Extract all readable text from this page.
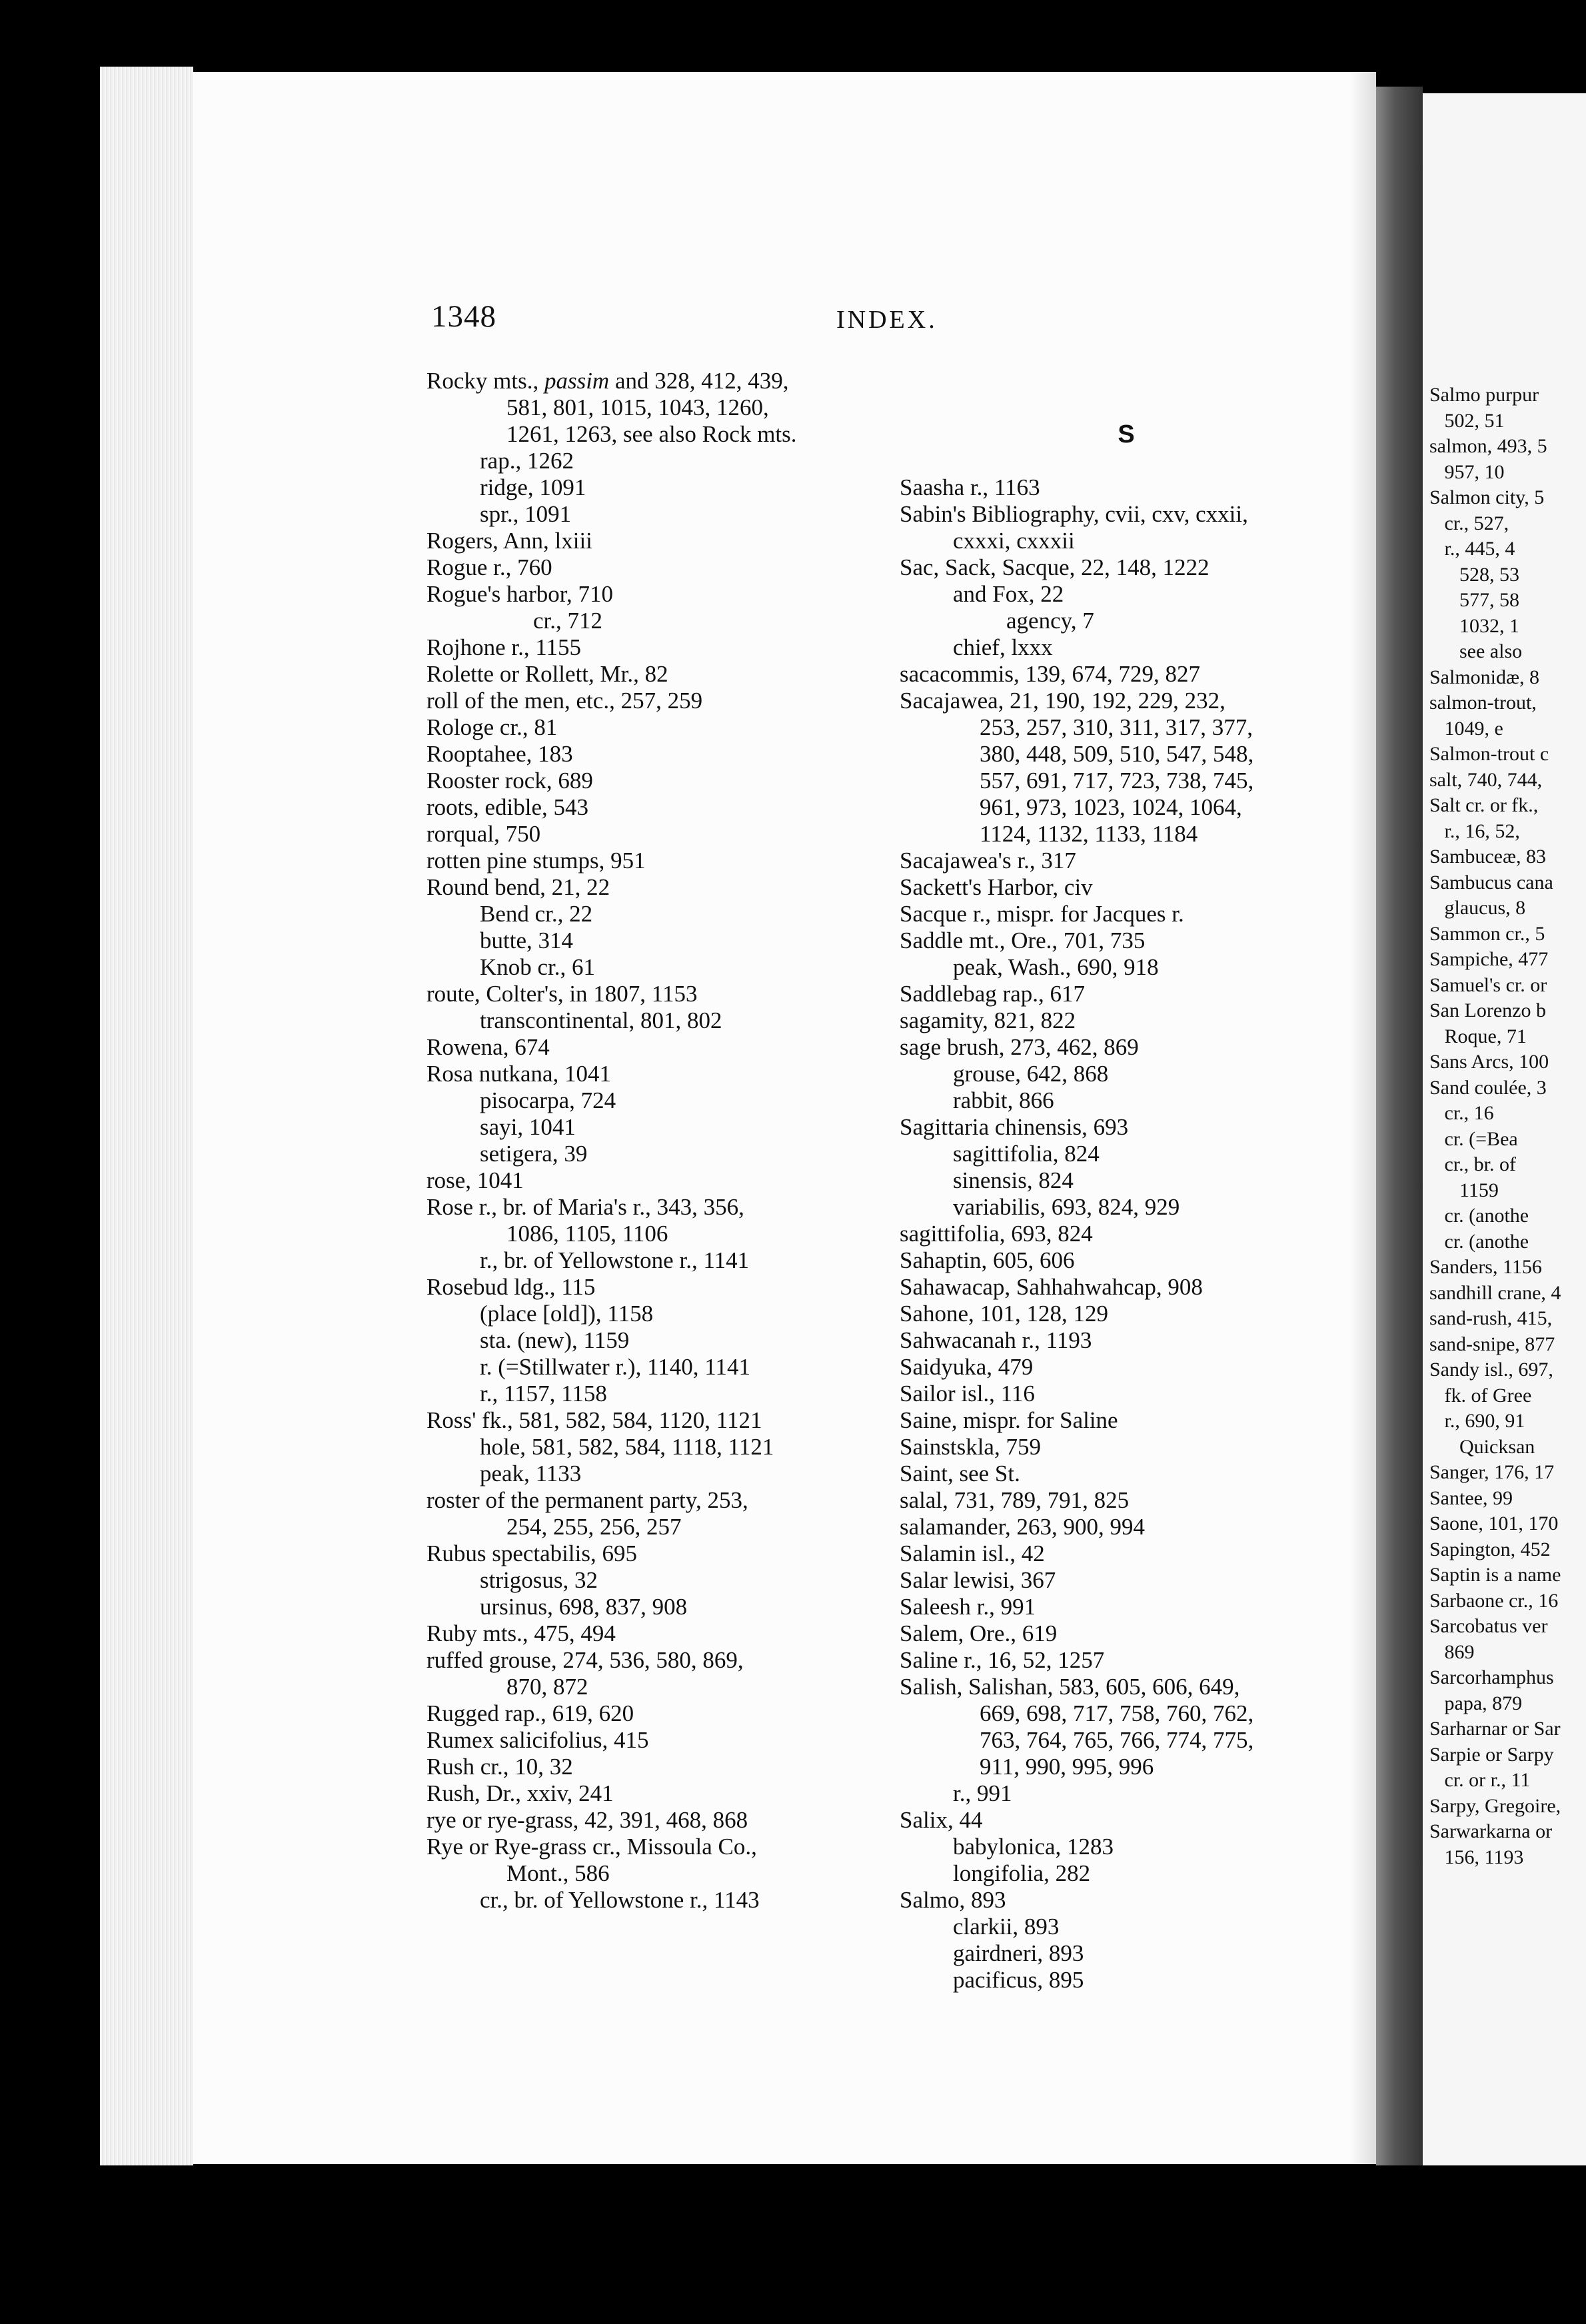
1348	INDEX.
Rocky mts., passim and 328, 412, 439,
581, 801, 1015, 1043, 1260,
1261, 1263, see also Rock mts.
rap., 1262
ridge, 1091
spr., 1091
Rogers, Ann, lxiii
Rogue r., 760
Rogue's harbor, 710
cr., 712
Rojhone r., 1155
Rolette or Rollett, Mr., 82
roll of the men, etc., 257, 259
Rologe cr., 81
Rooptahee, 183
Rooster rock, 689
roots, edible, 543
rorqual, 750
rotten pine stumps, 951
Round bend, 21, 22
Bend cr., 22
butte, 314
Knob cr., 61
route, Colter's, in 1807, 1153
transcontinental, 801, 802
Rowena, 674
Rosa nutkana, 1041
pisocarpa, 724
sayi, 1041
setigera, 39
rose, 1041
Rose r., br. of Maria's r., 343, 356,
1086, 1105, 1106
r., br. of Yellowstone r., 1141
Rosebud ldg., 115
(place [old]), 1158
sta. (new), 1159
r. (=Stillwater r.), 1140, 1141
r., 1157, 1158
Ross' fk., 581, 582, 584, 1120, 1121
hole, 581, 582, 584, 1118, 1121
peak, 1133
roster of the permanent party, 253,
254, 255, 256, 257
Rubus spectabilis, 695
strigosus, 32
ursinus, 698, 837, 908
Ruby mts., 475, 494
ruffed grouse, 274, 536, 580, 869,
870, 872
Rugged rap., 619, 620
Rumex salicifolius, 415
Rush cr., 10, 32
Rush, Dr., xxiv, 241
rye or rye-grass, 42, 391, 468, 868
Rye or Rye-grass cr., Missoula Co.,
Mont., 586
cr., br. of Yellowstone r., 1143

S

Saasha r., 1163
Sabin's Bibliography, cvii, cxv, cxxii,
cxxxi, cxxxii
Sac, Sack, Sacque, 22, 148, 1222
and Fox, 22
agency, 7
chief, lxxx
sacacommis, 139, 674, 729, 827
Sacajawea, 21, 190, 192, 229, 232,
253, 257, 310, 311, 317, 377,
380, 448, 509, 510, 547, 548,
557, 691, 717, 723, 738, 745,
961, 973, 1023, 1024, 1064,
1124, 1132, 1133, 1184
Sacajawea's r., 317
Sackett's Harbor, civ
Sacque r., mispr. for Jacques r.
Saddle mt., Ore., 701, 735
peak, Wash., 690, 918
Saddlebag rap., 617
sagamity, 821, 822
sage brush, 273, 462, 869
grouse, 642, 868
rabbit, 866
Sagittaria chinensis, 693
sagittifolia, 824
sinensis, 824
variabilis, 693, 824, 929
sagittifolia, 693, 824
Sahaptin, 605, 606
Sahawacap, Sahhahwahcap, 908
Sahone, 101, 128, 129
Sahwacanah r., 1193
Saidyuka, 479
Sailor isl., 116
Saine, mispr. for Saline
Sainstskla, 759
Saint, see St.
salal, 731, 789, 791, 825
salamander, 263, 900, 994
Salamin isl., 42
Salar lewisi, 367
Saleesh r., 991
Salem, Ore., 619
Saline r., 16, 52, 1257
Salish, Salishan, 583, 605, 606, 649,
669, 698, 717, 758, 760, 762,
763, 764, 765, 766, 774, 775,
911, 990, 995, 996
r., 991
Salix, 44
babylonica, 1283
longifolia, 282
Salmo, 893
clarkii, 893
gairdneri, 893
pacificus, 895
Salmo purpur
502, 51
salmon, 493, 5
957, 10
Salmon city, 5
cr., 527,
r., 445, 4
528, 53
577, 58
1032, 1
see also
Salmonidæ, 8
salmon-trout,
1049, e
Salmon-trout c
salt, 740, 744,
Salt cr. or fk.,
r., 16, 52,
Sambuceæ, 83
Sambucus cana
glaucus, 8
Sammon cr., 5
Sampiche, 477
Samuel's cr. or
San Lorenzo b
Roque, 71
Sans Arcs, 100
Sand coulée, 3
cr., 16
cr. (=Bea
cr., br. of
1159
cr. (anothe
cr. (anothe
Sanders, 1156
sandhill crane, 4
sand-rush, 415,
sand-snipe, 877
Sandy isl., 697,
fk. of Gree
r., 690, 91
Quicksan
Sanger, 176, 17
Santee, 99
Saone, 101, 170
Sapington, 452
Saptin is a name
Sarbaone cr., 16
Sarcobatus ver
869
Sarcorhamphus
papa, 879
Sarharnar or Sar
Sarpie or Sarpy
cr. or r., 11
Sarpy, Gregoire,
Sarwarkarna or
156, 1193
